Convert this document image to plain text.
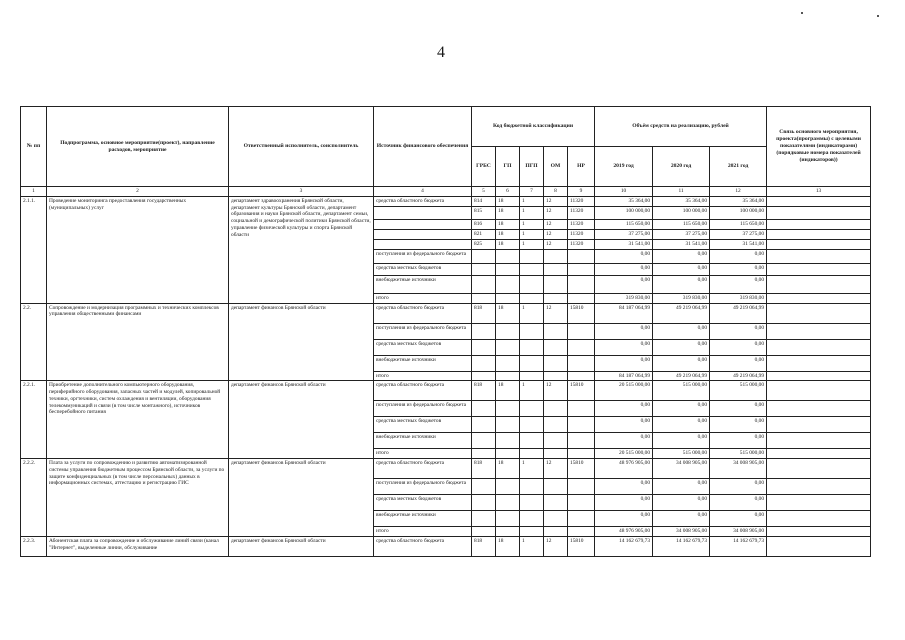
4
№ пп	Подпрограмма, основное мероприятие(проект), направление расходов, мероприятие	Ответственный исполнитель, соисполнитель	Источник финансового обеспечения	Код бюджетной классификации					Объём средств на реализацию, рублей			Связь основного мероприятия, проекта(программы) с целевыми показателями (индикаторами) (порядковые номера показателей (индикаторов))
				ГРБС	ГП	ПГП	ОМ	НР	2019 год	2020 год	2021 год	
1	2	3	4	5	6	7	8	9	10	11	12	13
2.1.1.	Проведение мониторинга предоставления государственных (муниципальных) услуг	департамент здравоохранения Брянской области, департамент культуры Брянской области, департамент образования и науки Брянской области, департамент семьи, социальной и демографической политики Брянской области, управление физической культуры и спорта Брянской области	средства областного бюджета	814	18	1	12	11320	35 364,00	35 364,00	35 364,00	
				815	18	1	12	11320	100 000,00	100 000,00	100 000,00	
				816	18	1	12	11320	115 650,00	115 650,00	115 650,00	
				821	18	1	12	11320	37 275,00	37 275,00	37 275,00	
				825	18	1	12	11320	31 541,00	31 541,00	31 541,00	
			поступления из федерального бюджета						0,00	0,00	0,00	
			средства местных бюджетов						0,00	0,00	0,00	
			внебюджетные источники						0,00	0,00	0,00	
			итого						319 830,00	319 830,00	319 830,00	
2.2.	Сопровождение и модернизация программных и технических комплексов управления общественными финансами	департамент финансов Брянской области	средства областного бюджета	818	18	1	12	15810	84 187 064,99	49 219 064,99	49 219 064,99	
			поступления из федерального бюджета						0,00	0,00	0,00	
			средства местных бюджетов						0,00	0,00	0,00	
			внебюджетные источники						0,00	0,00	0,00	
			итого						84 187 064,99	49 219 064,99	49 219 064,99	
2.2.1.	Приобретение дополнительного компьютерного оборудования, периферийного оборудования, запасных частей и модулей, копировальной техники, оргтехники, систем охлаждения и вентиляции, оборудования телекоммуникаций и связи (в том числе монтажного), источников бесперебойного питания	департамент финансов Брянской области	средства областного бюджета	818	18	1	12	15810	20 515 000,00	515 000,00	515 000,00	
			поступления из федерального бюджета						0,00	0,00	0,00	
			средства местных бюджетов						0,00	0,00	0,00	
			внебюджетные источники						0,00	0,00	0,00	
			итого						20 515 000,00	515 000,00	515 000,00	
2.2.2.	Плата за услуги по сопровождению и развитию автоматизированной системы управления бюджетным процессом Брянской области, за услуги по защите конфиденциальных (в том числе персональных) данных в информационных системах, аттестацию и регистрацию ГИС	департамент финансов Брянской области	средства областного бюджета	818	18	1	12	15810	48 976 905,00	34 008 905,00	34 008 905,00	
			поступления из федерального бюджета						0,00	0,00	0,00	
			средства местных бюджетов						0,00	0,00	0,00	
			внебюджетные источники						0,00	0,00	0,00	
			итого						48 976 905,00	34 008 905,00	34 008 905,00	
2.2.3.	Абонентская плата за сопровождение и обслуживание линий связи (канал "Интернет", выделенные линии, обслуживание	департамент финансов Брянской области	средства областного бюджета	818	18	1	12	15810	14 162 679,73	14 162 679,73	14 162 679,73	
